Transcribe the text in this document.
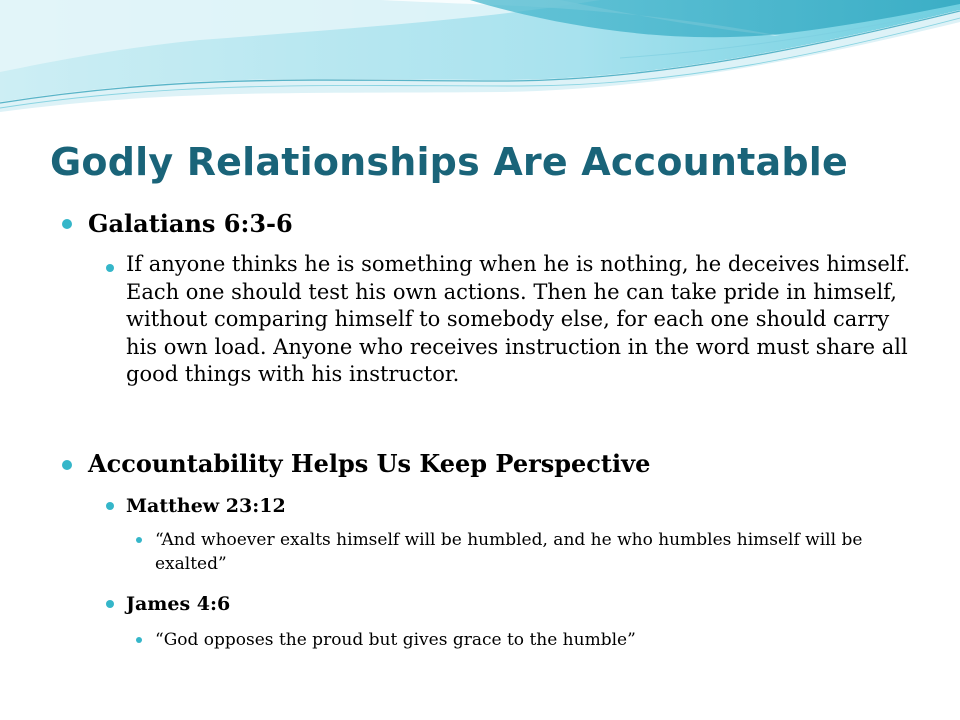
Godly Relationships Are Accountable
Galatians 6:3-6
If anyone thinks he is something when he is nothing, he deceives himself. Each one should test his own actions. Then he can take pride in himself, without comparing himself to somebody else, for each one should carry his own load. Anyone who receives instruction in the word must share all good things with his instructor.
Accountability Helps Us Keep Perspective
Matthew 23:12
“And whoever exalts himself will be humbled, and he who humbles himself will be exalted”
James 4:6
“God opposes the proud but gives grace to the humble”
